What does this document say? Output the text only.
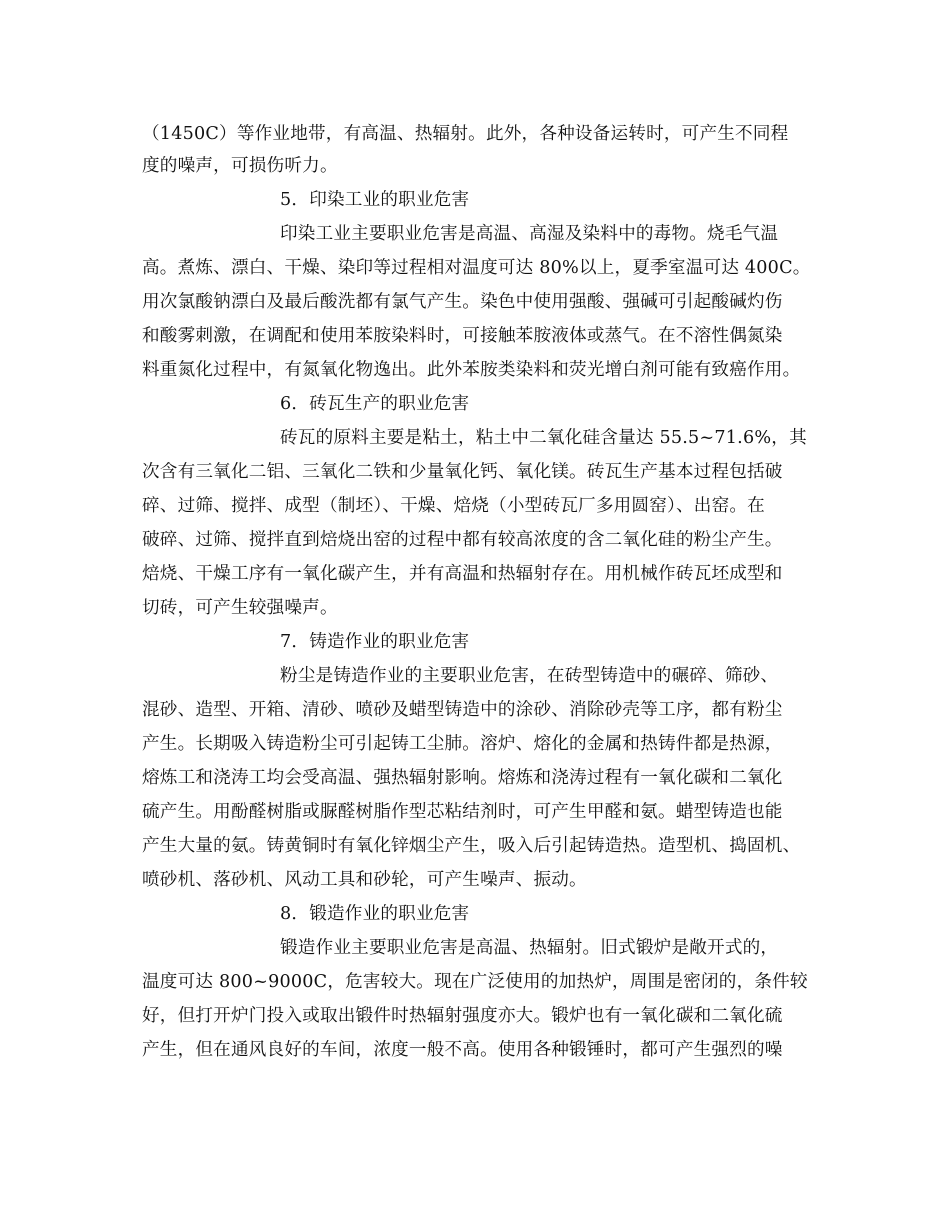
（1450C）等作业地带，有高温、热辐射。此外，各种设备运转时，可产生不同程
度的噪声，可损伤听力。
5．印染工业的职业危害
印染工业主要职业危害是高温、高湿及染料中的毒物。烧毛气温
高。煮炼、漂白、干燥、染印等过程相对温度可达 80%以上，夏季室温可达 400C。
用次氯酸钠漂白及最后酸洗都有氯气产生。染色中使用强酸、强碱可引起酸碱灼伤
和酸雾刺激，在调配和使用苯胺染料时，可接触苯胺液体或蒸气。在不溶性偶氮染
料重氮化过程中，有氮氧化物逸出。此外苯胺类染料和荧光增白剂可能有致癌作用。
6．砖瓦生产的职业危害
砖瓦的原料主要是粘土，粘土中二氧化硅含量达 55.5~71.6%，其
次含有三氧化二铝、三氧化二铁和少量氧化钙、氧化镁。砖瓦生产基本过程包括破
碎、过筛、搅拌、成型（制坯）、干燥、焙烧（小型砖瓦厂多用圆窑）、出窑。在
破碎、过筛、搅拌直到焙烧出窑的过程中都有较高浓度的含二氧化硅的粉尘产生。
焙烧、干燥工序有一氧化碳产生，并有高温和热辐射存在。用机械作砖瓦坯成型和
切砖，可产生较强噪声。
7．铸造作业的职业危害
粉尘是铸造作业的主要职业危害，在砖型铸造中的碾碎、筛砂、
混砂、造型、开箱、清砂、喷砂及蜡型铸造中的涂砂、消除砂壳等工序，都有粉尘
产生。长期吸入铸造粉尘可引起铸工尘肺。溶炉、熔化的金属和热铸件都是热源，
熔炼工和浇涛工均会受高温、强热辐射影响。熔炼和浇涛过程有一氧化碳和二氧化
硫产生。用酚醛树脂或脲醛树脂作型芯粘结剂时，可产生甲醛和氨。蜡型铸造也能
产生大量的氨。铸黄铜时有氧化锌烟尘产生，吸入后引起铸造热。造型机、捣固机、
喷砂机、落砂机、风动工具和砂轮，可产生噪声、振动。
8．锻造作业的职业危害
锻造作业主要职业危害是高温、热辐射。旧式锻炉是敞开式的，
温度可达 800~9000C，危害较大。现在广泛使用的加热炉，周围是密闭的，条件较
好，但打开炉门投入或取出锻件时热辐射强度亦大。锻炉也有一氧化碳和二氧化硫
产生，但在通风良好的车间，浓度一般不高。使用各种锻锤时，都可产生强烈的噪
